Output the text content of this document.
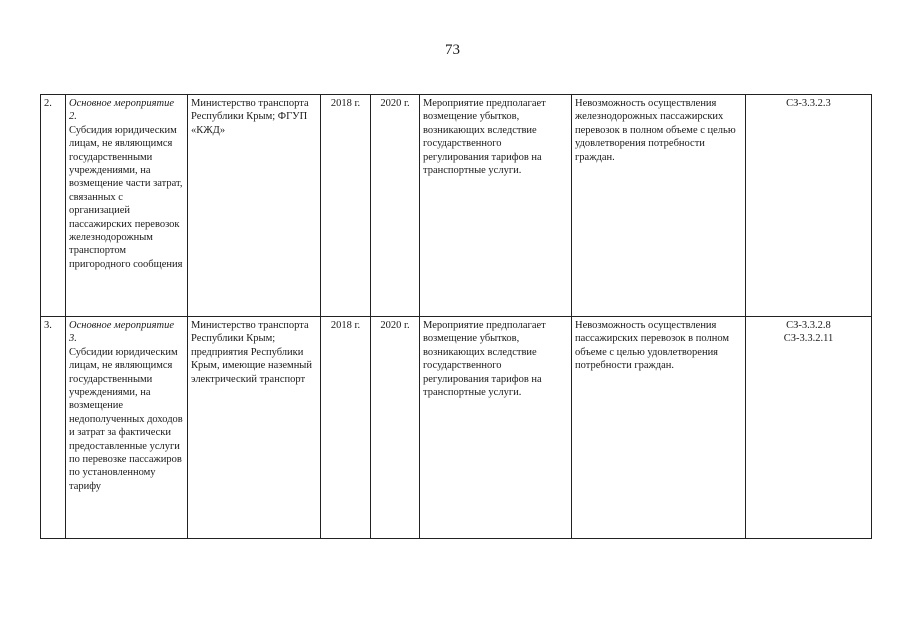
73
2.	Основное мероприятие 2.
Субсидия юридическим лицам, не являющимся государственными учреждениями, на возмещение части затрат, связанных с организацией пассажирских перевозок железнодорожным транспортом пригородного сообщения	Министерство транспорта Республики Крым; ФГУП «КЖД»	2018 г.	2020 г.	Мероприятие предполагает возмещение убытков, возникающих вследствие государственного регулирования тарифов на транспортные услуги.	Невозможность осуществления железнодорожных пассажирских перевозок в полном объеме с целью удовлетворения потребности граждан.	СЗ-3.3.2.3

3.	Основное мероприятие 3.
Субсидии юридическим лицам, не являющимся государственными учреждениями, на возмещение недополученных доходов и затрат за фактически предоставленные услуги по перевозке пассажиров по установленному тарифу	Министерство транспорта Республики Крым; предприятия Республики Крым, имеющие наземный электрический транспорт	2018 г.	2020 г.	Мероприятие предполагает возмещение убытков, возникающих вследствие государственного регулирования тарифов на транспортные услуги.	Невозможность осуществления пассажирских перевозок в полном объеме с целью удовлетворения потребности граждан.	СЗ-3.3.2.8
СЗ-3.3.2.11
